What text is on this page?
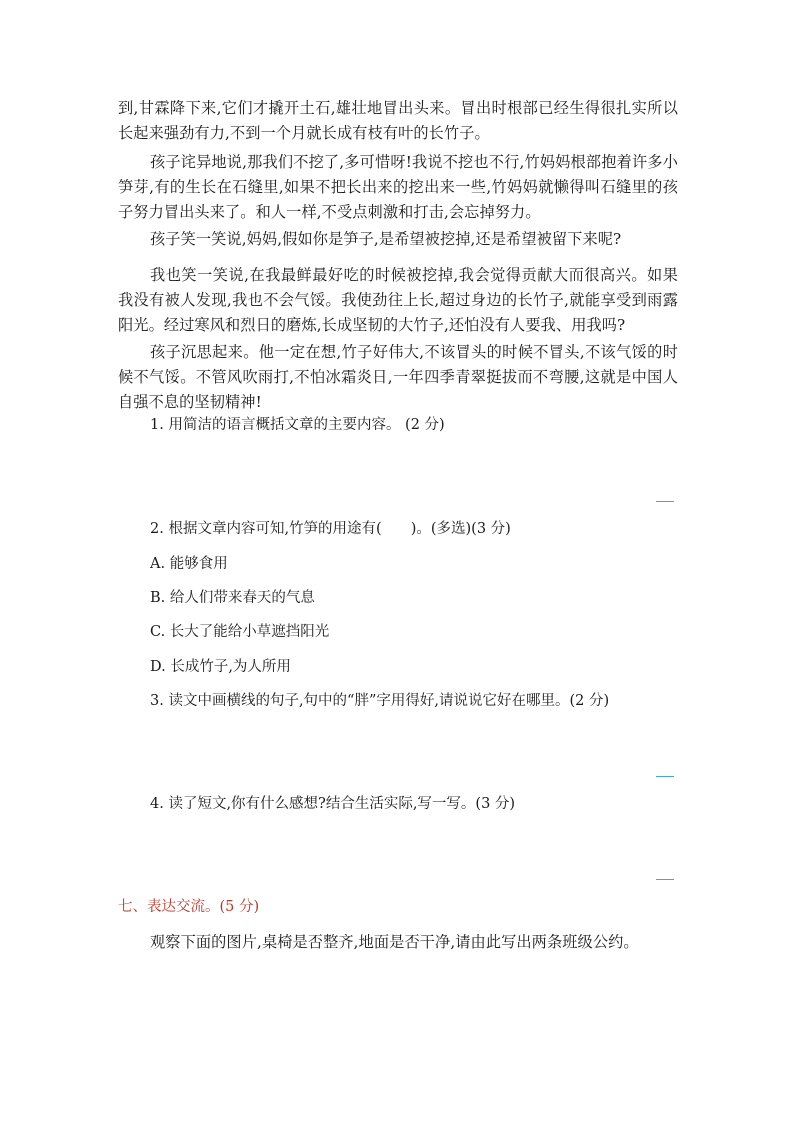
到,甘霖降下来,它们才撬开土石,雄壮地冒出头来。冒出时根部已经生得很扎实所以长起来强劲有力,不到一个月就长成有枝有叶的长竹子。
孩子诧异地说,那我们不挖了,多可惜呀!我说不挖也不行,竹妈妈根部抱着许多小笋芽,有的生长在石缝里,如果不把长出来的挖出来一些,竹妈妈就懒得叫石缝里的孩子努力冒出头来了。和人一样,不受点刺激和打击,会忘掉努力。
孩子笑一笑说,妈妈,假如你是笋子,是希望被挖掉,还是希望被留下来呢?
我也笑一笑说,在我最鲜最好吃的时候被挖掉,我会觉得贡献大而很高兴。如果我没有被人发现,我也不会气馁。我使劲往上长,超过身边的长竹子,就能享受到雨露阳光。经过寒风和烈日的磨炼,长成坚韧的大竹子,还怕没有人要我、用我吗?
孩子沉思起来。他一定在想,竹子好伟大,不该冒头的时候不冒头,不该气馁的时候不气馁。不管风吹雨打,不怕冰霜炎日,一年四季青翠挺拔而不弯腰,这就是中国人自强不息的坚韧精神!
1. 用简洁的语言概括文章的主要内容。 (2 分)
2. 根据文章内容可知,竹笋的用途有(　　)。(多选)(3 分)
A. 能够食用
B. 给人们带来春天的气息
C. 长大了能给小草遮挡阳光
D. 长成竹子,为人所用
3. 读文中画横线的句子,句中的“胖”字用得好,请说说它好在哪里。(2 分)
4. 读了短文,你有什么感想?结合生活实际,写一写。(3 分)
七、表达交流。(5 分)
观察下面的图片,桌椅是否整齐,地面是否干净,请由此写出两条班级公约。
